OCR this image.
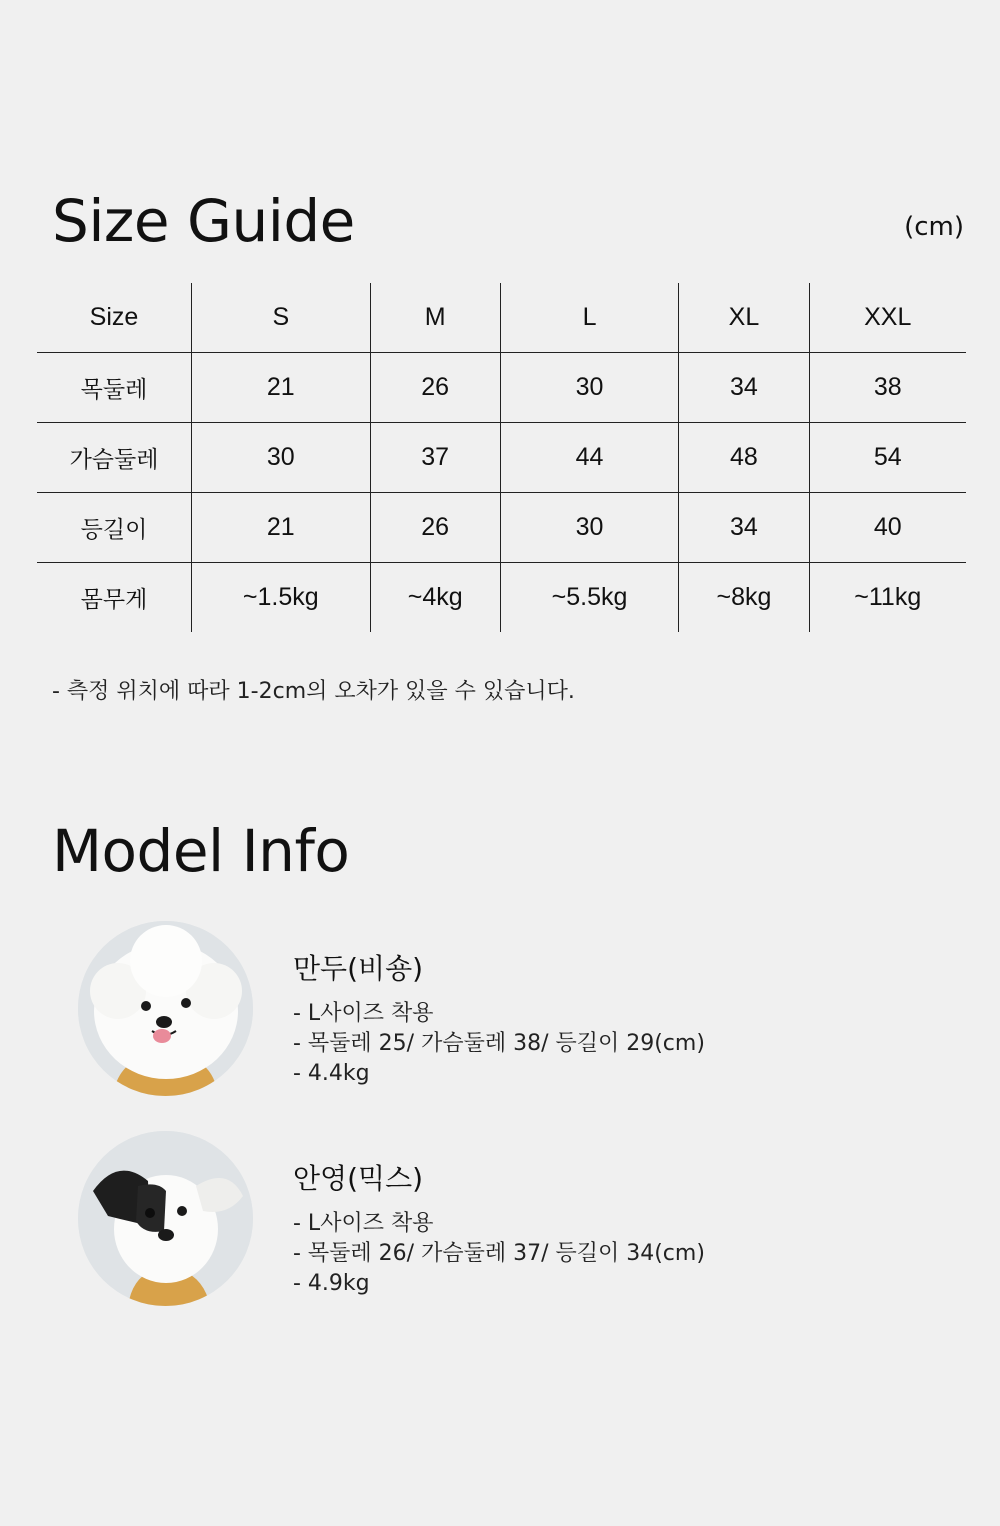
Size Guide	(cm)
Size	S	M	L	XL	XXL
목둘레	21	26	30	34	38
가슴둘레	30	37	44	48	54
등길이	21	26	30	34	40
몸무게	~1.5kg	~4kg	~5.5kg	~8kg	~11kg
- 측정 위치에 따라 1-2cm의 오차가 있을 수 있습니다.
Model Info
만두(비숑)
- L사이즈 착용
- 목둘레 25/ 가슴둘레 38/ 등길이 29(cm)
- 4.4kg
안영(믹스)
- L사이즈 착용
- 목둘레 26/ 가슴둘레 37/ 등길이 34(cm)
- 4.9kg
